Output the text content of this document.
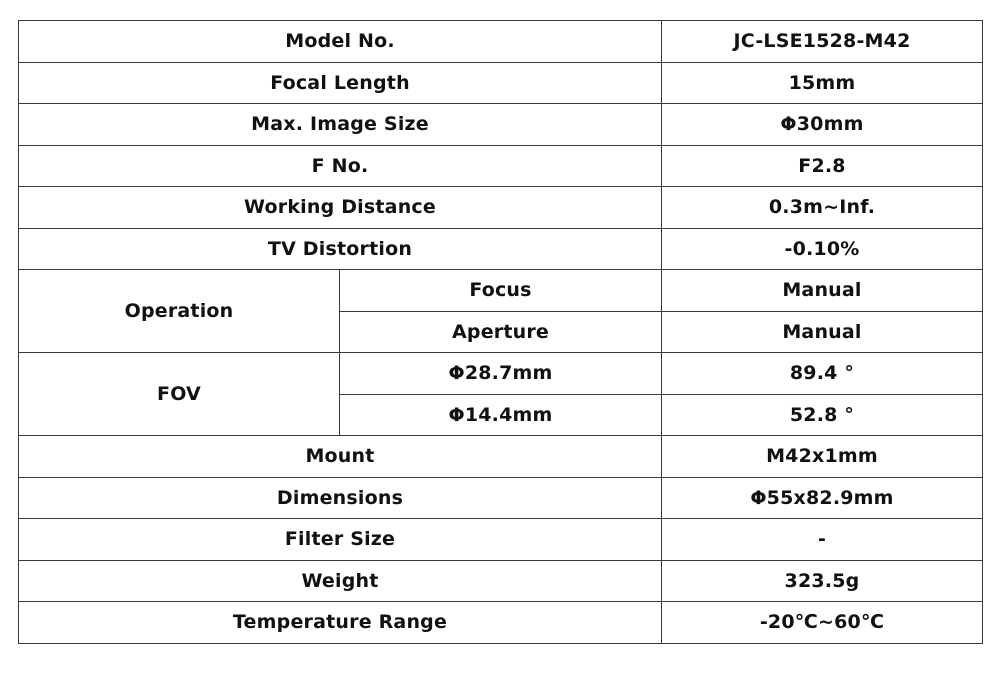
Model No.		JC-LSE1528-M42
Focal Length		15mm
Max. Image Size		Φ30mm
F No.		F2.8
Working Distance		0.3m~Inf.
TV Distortion		-0.10%
Operation	Focus	Manual
	Aperture	Manual
FOV	Φ28.7mm	89.4 °
	Φ14.4mm	52.8 °
Mount		M42x1mm
Dimensions		Φ55x82.9mm
Filter Size		-
Weight		323.5g
Temperature Range		-20℃~60℃
